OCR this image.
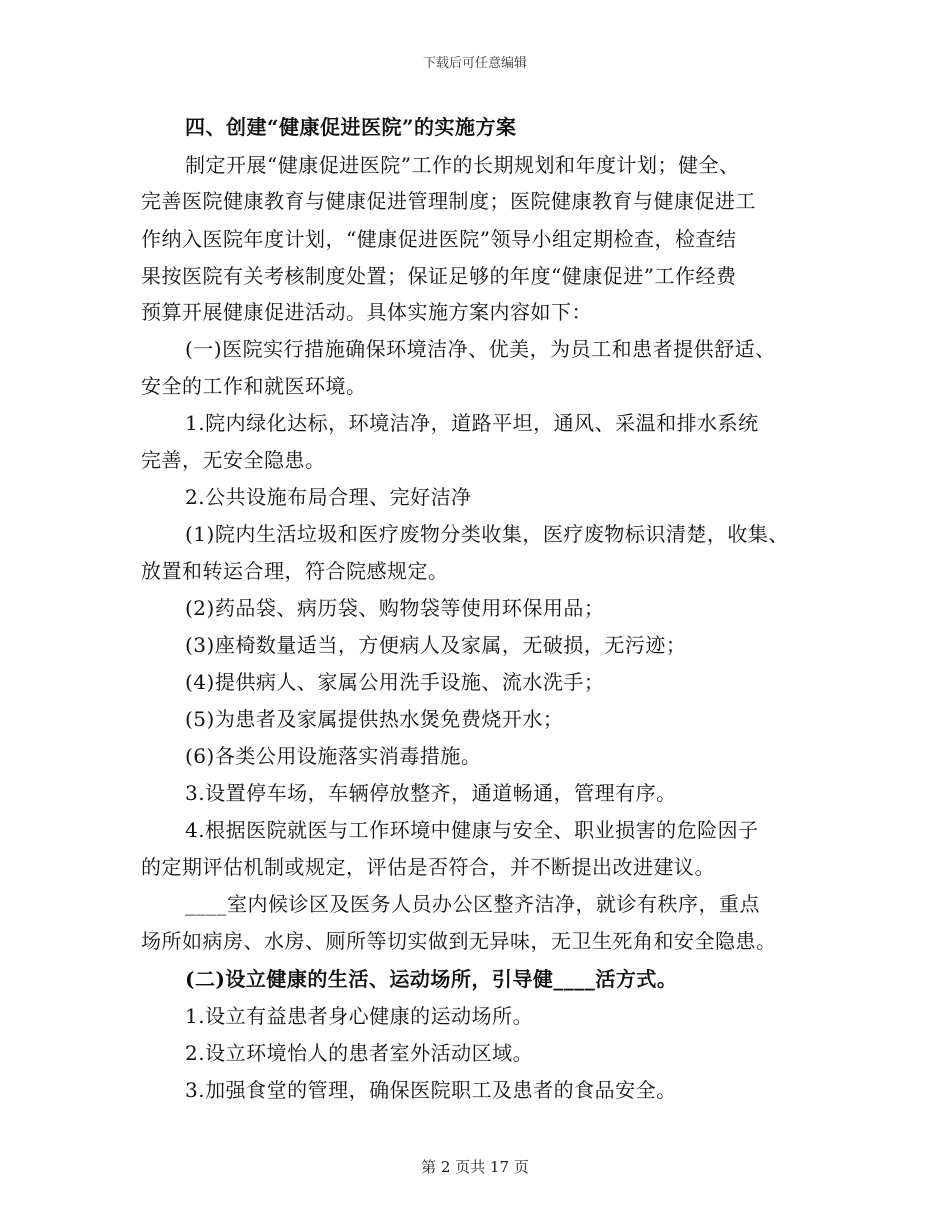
下载后可任意编辑
四、创建“健康促进医院”的实施方案
制定开展“健康促进医院”工作的长期规划和年度计划；健全、
完善医院健康教育与健康促进管理制度；医院健康教育与健康促进工
作纳入医院年度计划，“健康促进医院”领导小组定期检查，检查结
果按医院有关考核制度处置；保证足够的年度“健康促进”工作经费
预算开展健康促进活动。具体实施方案内容如下：
(一)医院实行措施确保环境洁净、优美，为员工和患者提供舒适、
安全的工作和就医环境。
1.院内绿化达标，环境洁净，道路平坦，通风、采温和排水系统
完善，无安全隐患。
2.公共设施布局合理、完好洁净
(1)院内生活垃圾和医疗废物分类收集，医疗废物标识清楚，收集、
放置和转运合理，符合院感规定。
(2)药品袋、病历袋、购物袋等使用环保用品；
(3)座椅数量适当，方便病人及家属，无破损，无污迹；
(4)提供病人、家属公用洗手设施、流水洗手；
(5)为患者及家属提供热水煲免费烧开水；
(6)各类公用设施落实消毒措施。
3.设置停车场，车辆停放整齐，通道畅通，管理有序。
4.根据医院就医与工作环境中健康与安全、职业损害的危险因子
的定期评估机制或规定，评估是否符合，并不断提出改进建议。
____室内候诊区及医务人员办公区整齐洁净，就诊有秩序，重点
场所如病房、水房、厕所等切实做到无异味，无卫生死角和安全隐患。
(二)设立健康的生活、运动场所，引导健____活方式。
1.设立有益患者身心健康的运动场所。
2.设立环境怡人的患者室外活动区域。
3.加强食堂的管理，确保医院职工及患者的食品安全。
第 2 页共 17 页
